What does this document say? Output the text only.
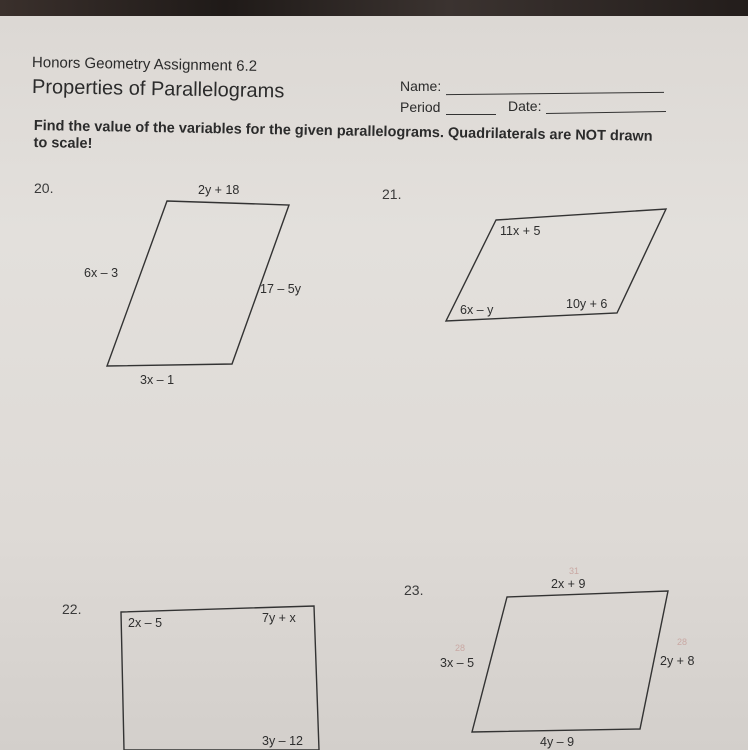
Honors Geometry Assignment 6.2
Properties of Parallelograms	Name:
Period	Date:
Find the value of the variables for the given parallelograms. Quadrilaterals are NOT drawn to scale!
20.	2y + 18
6x – 3
17 – 5y
3x – 1
21.
11x + 5
6x – y	10y + 6
22.
2x – 5	7y + x
3y – 12
23.
31
2x + 9
28
3x – 5
28
2y + 8
4y – 9
